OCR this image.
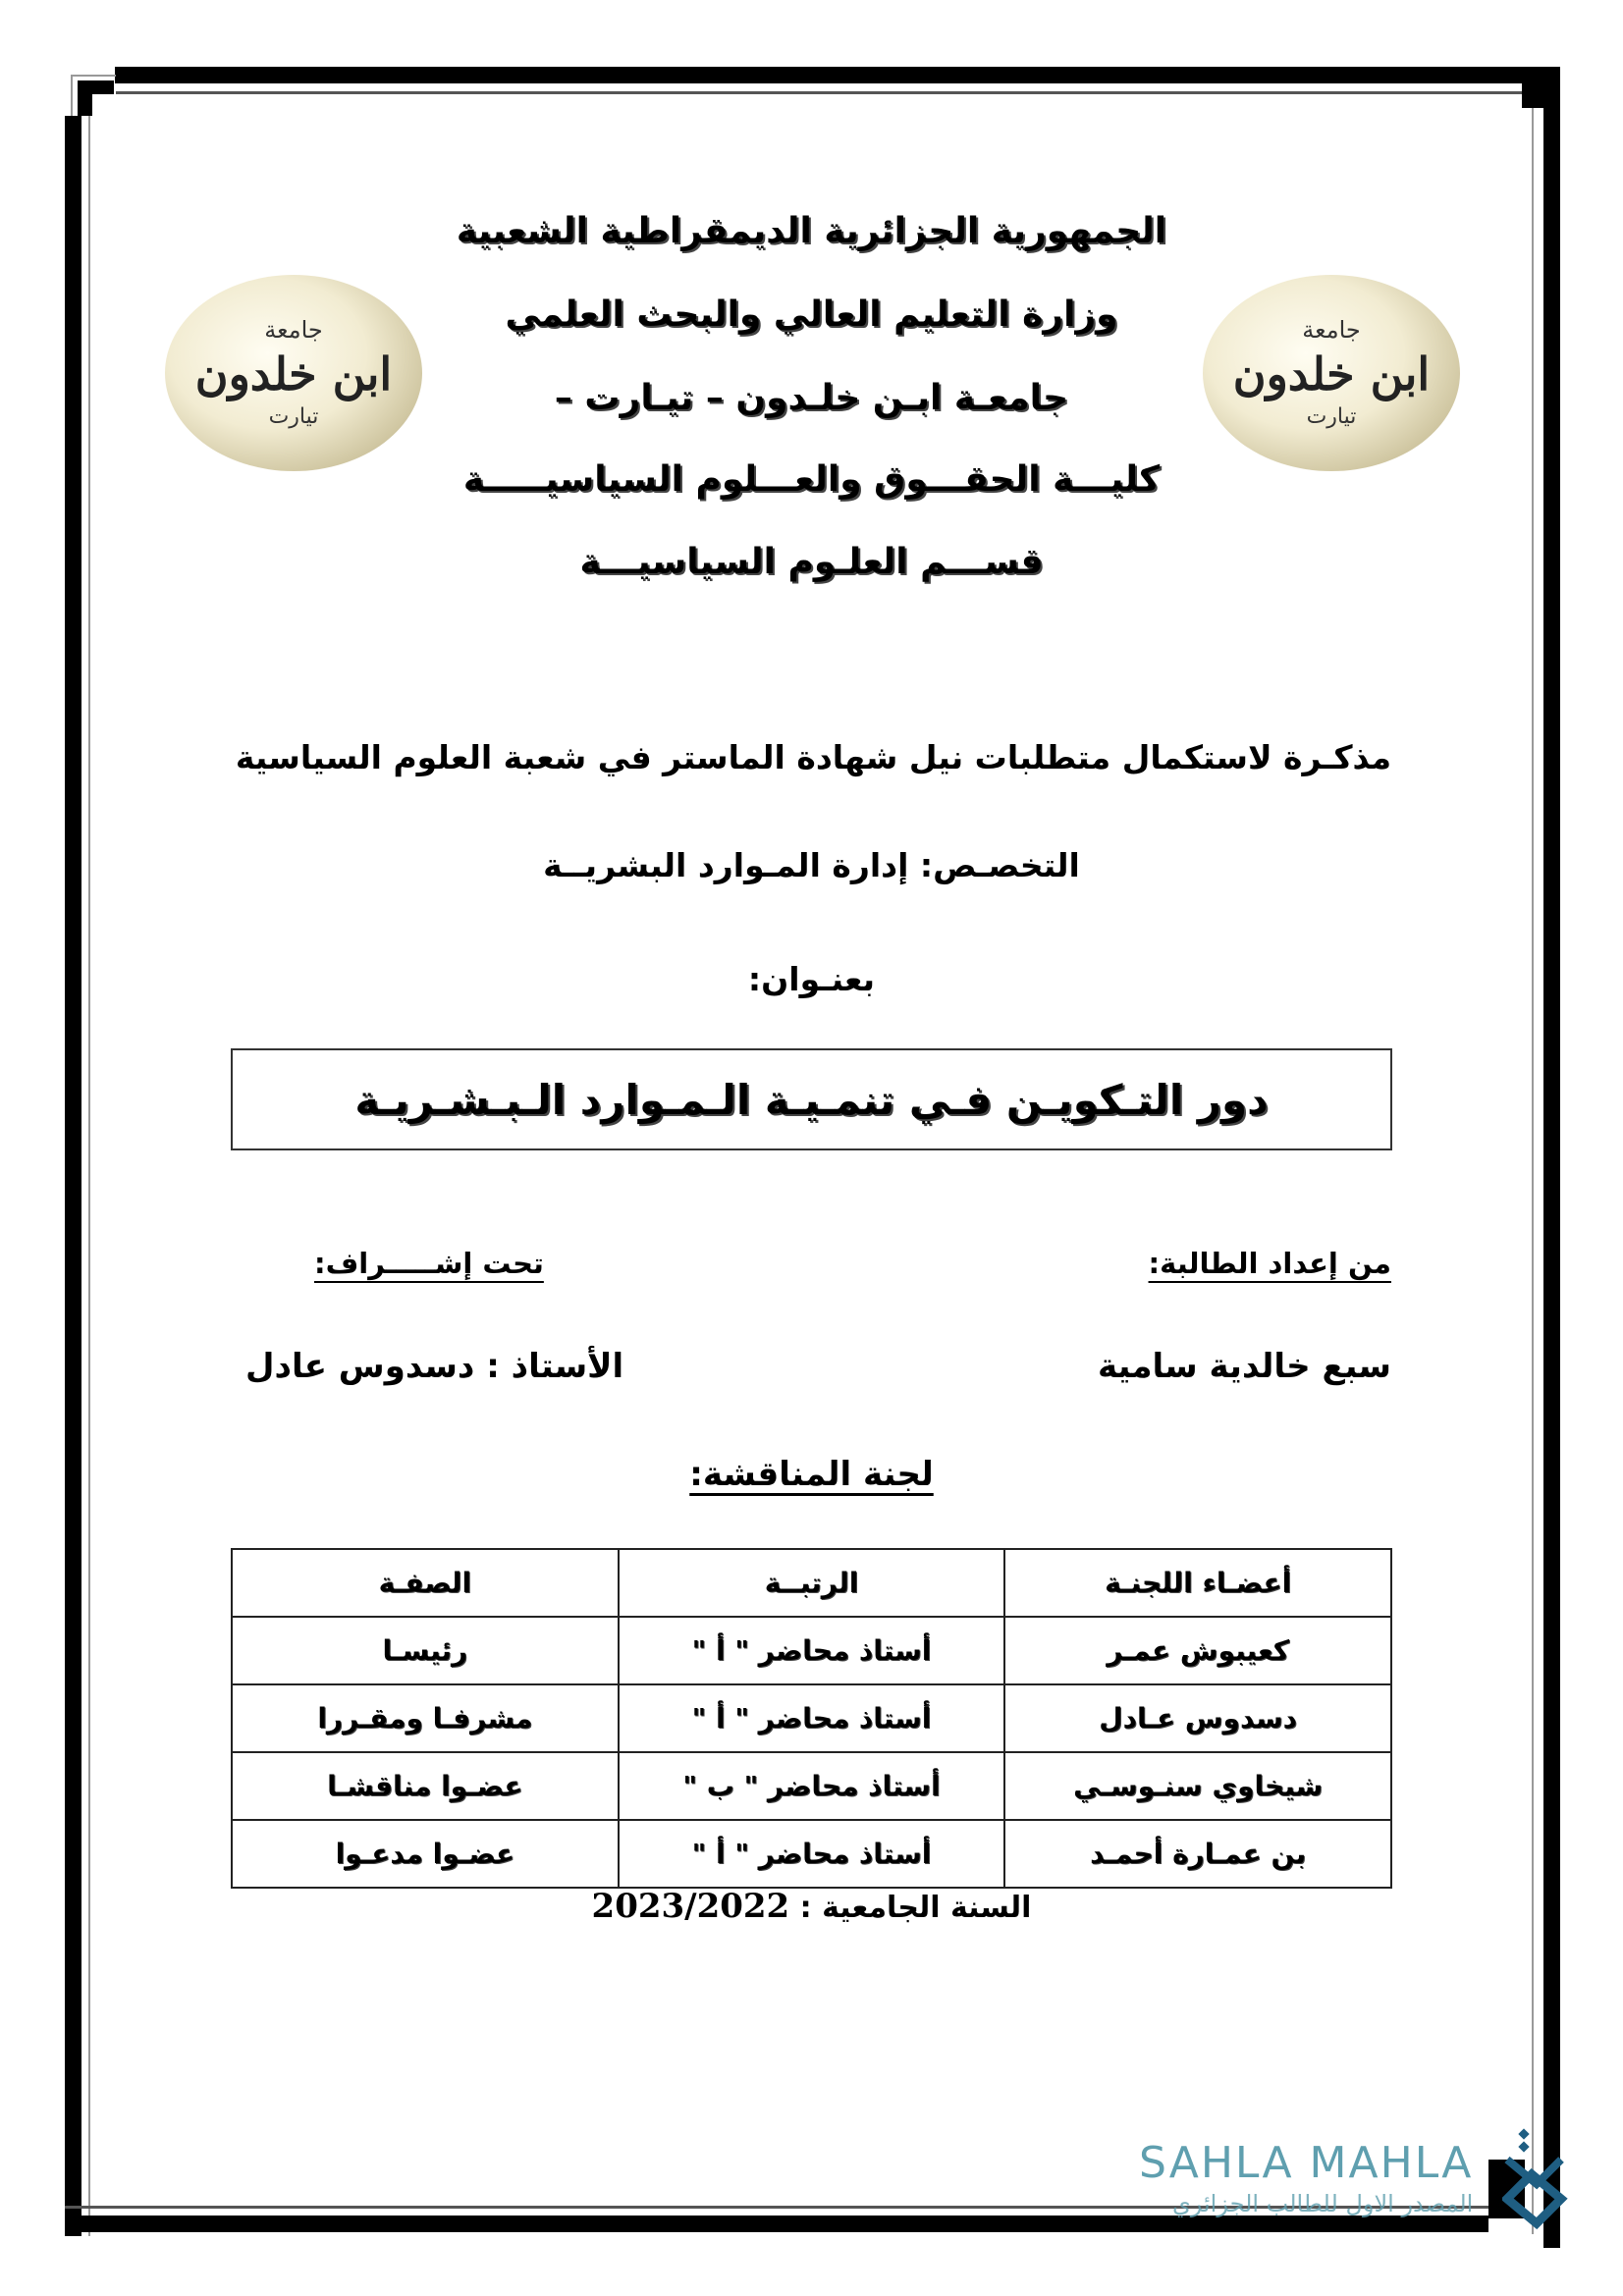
جامعة
ابن خلدون
تيارت
جامعة
ابن خلدون
تيارت
الجمهورية الجزائرية الديمقراطية الشعبية
وزارة التعليم العالي والبحث العلمي
جامعـة ابـن خلـدون – تيـارت –
كليـــة الحقـــوق والعـــلوم السياسيـــــة
قســـم العلـوم السياسيـــة
مذكـرة لاستكمال متطلبات نيل شهادة الماستر في شعبة العلوم السياسية
التخصـص: إدارة المـوارد البشريــة
بعنـوان:
دور التـكويـن فـي تنمـيـة الـمـوارد الـبـشـريـة
من إعداد الطالبة:
تحت إشـــــراف:
سبع خالدية سامية
الأستاذ : دسدوس عادل
لجنة المناقشة:
أعضـاء اللجنـة	الرتبــة	الصفـة
كعيبوش عمـر	أستاذ محاضر " أ "	رئيسـا
دسدوس عـادل	أستاذ محاضر " أ "	مشرفـا ومقـررا
شيخاوي سنـوسـي	أستاذ محاضر " ب "	عضـوا مناقشـا
بن عمـارة أحمـد	أستاذ محاضر " أ "	عضـوا مدعـوا
السنة الجامعية : 2023/2022
SAHLA MAHLA
المصدر الاول للطالب الجزائري
